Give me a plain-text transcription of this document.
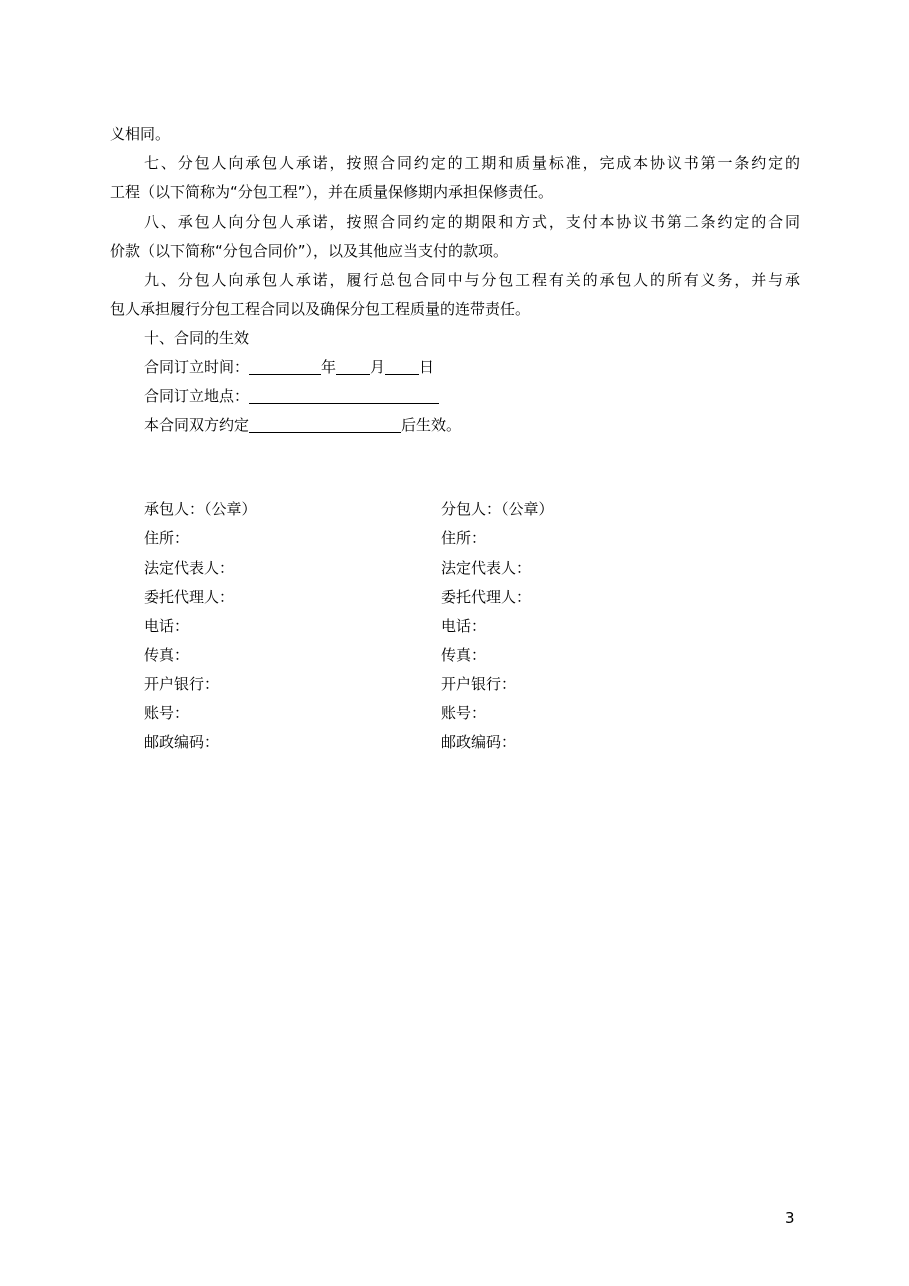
义相同。
七、分包人向承包人承诺，按照合同约定的工期和质量标准，完成本协议书第一条约定的
工程（以下简称为“分包工程”），并在质量保修期内承担保修责任。
八、承包人向分包人承诺，按照合同约定的期限和方式，支付本协议书第二条约定的合同
价款（以下简称“分包合同价”），以及其他应当支付的款项。
九、分包人向承包人承诺，履行总包合同中与分包工程有关的承包人的所有义务，并与承
包人承担履行分包工程合同以及确保分包工程质量的连带责任。
十、合同的生效
合同订立时间：	年 月 日
合同订立地点：
本合同双方约定	后生效。
承包人：（公章）
住所：
法定代表人：
委托代理人：
电话：
传真：
开户银行：
账号：
邮政编码：
分包人：（公章）
住所：
法定代表人：
委托代理人：
电话：
传真：
开户银行：
账号：
邮政编码：
3
